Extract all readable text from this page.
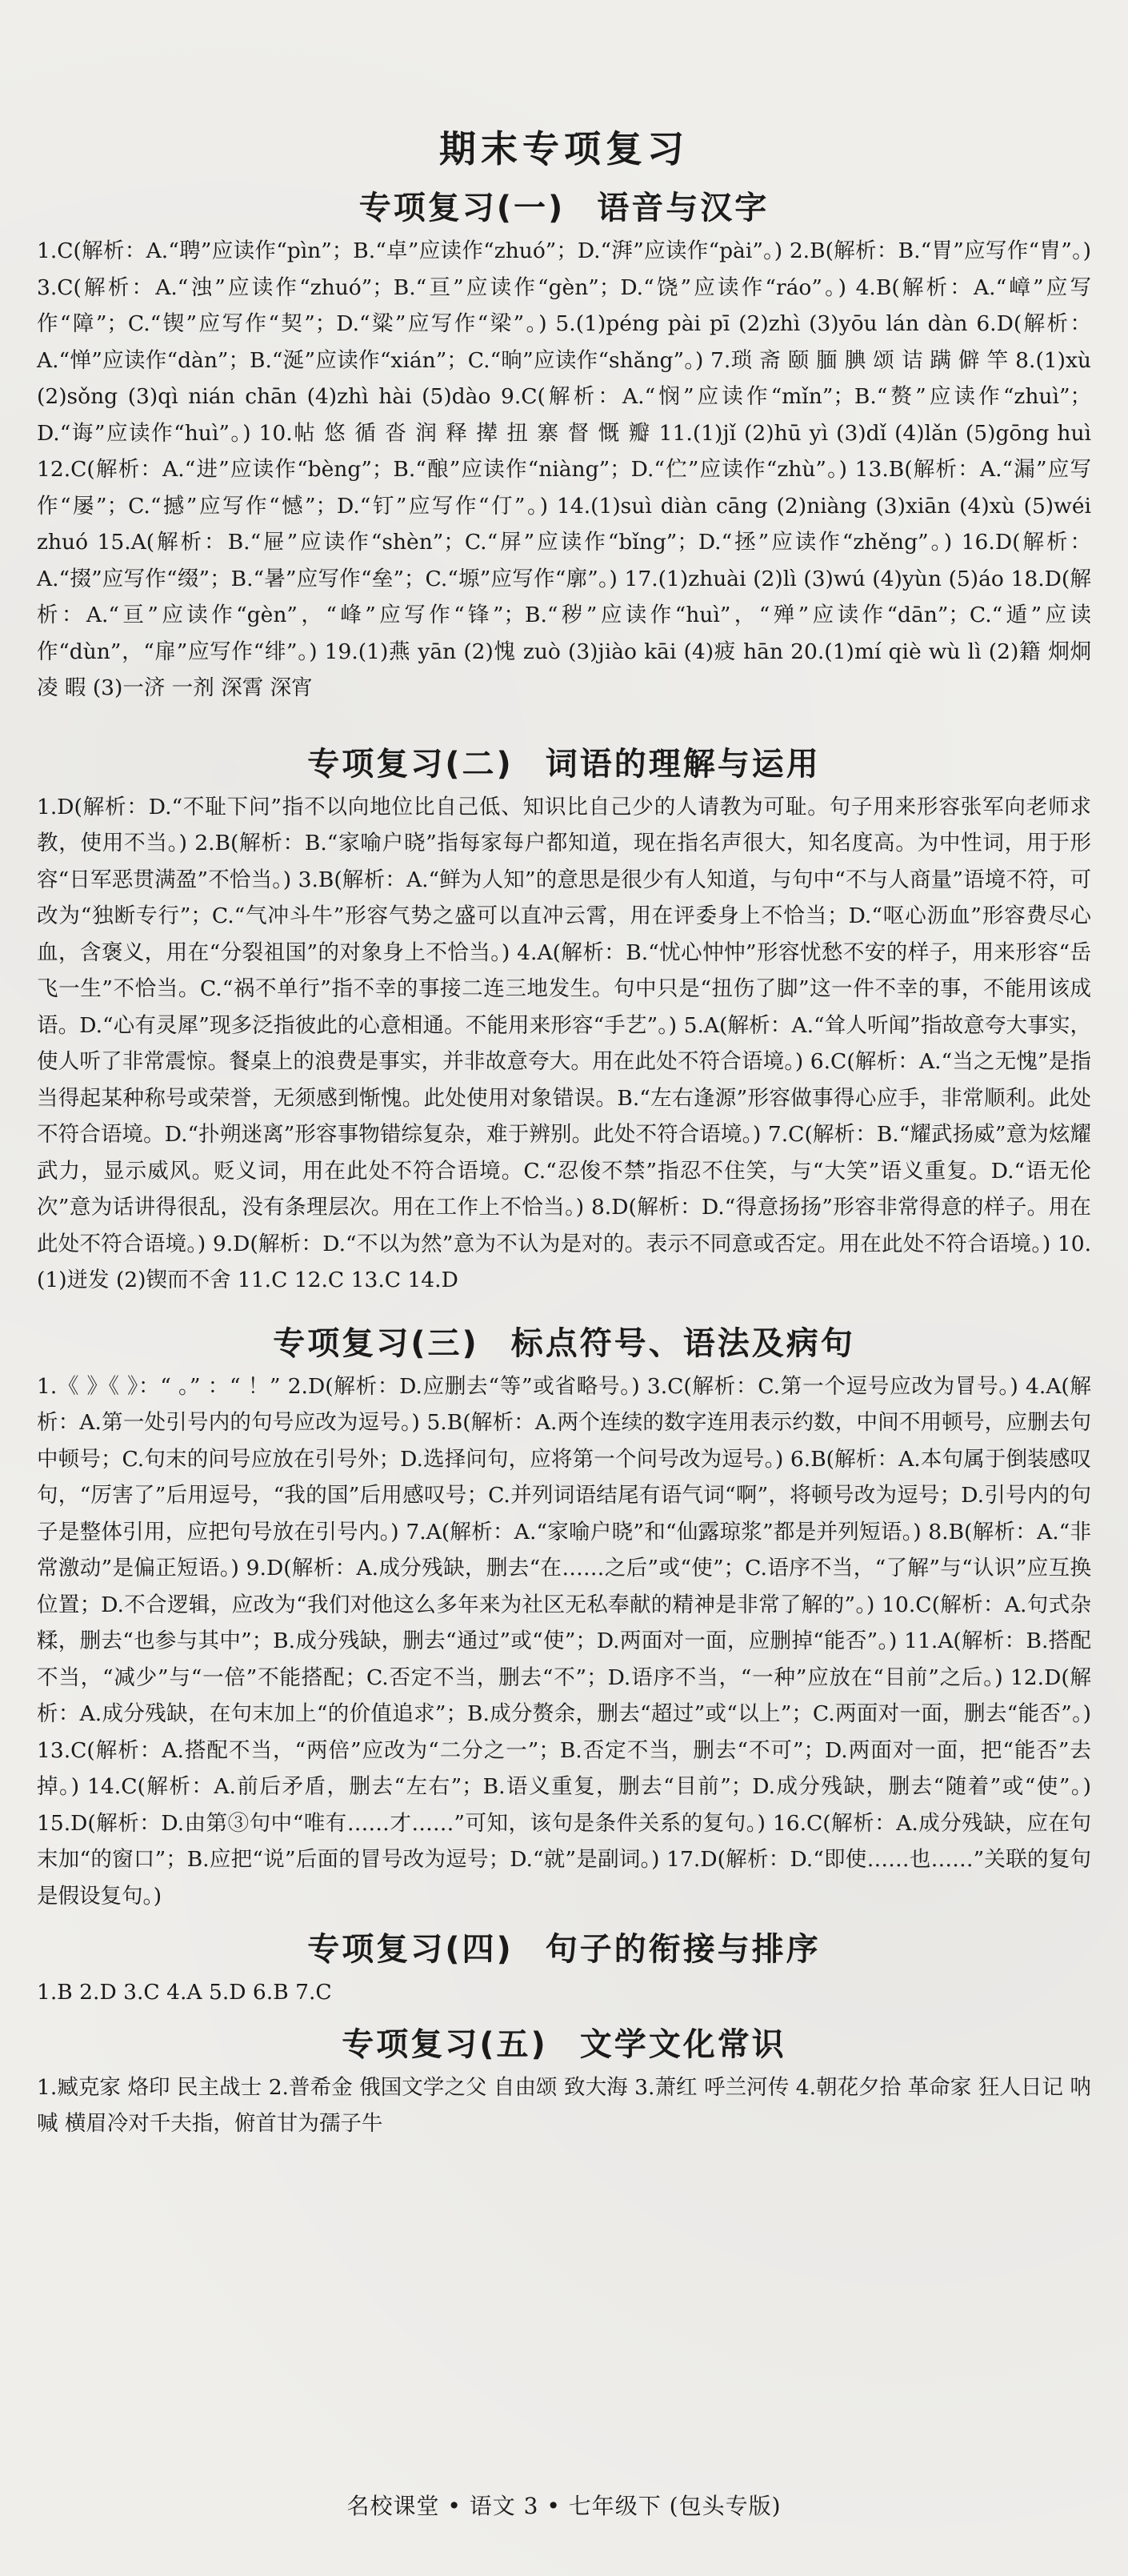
期末专项复习
专项复习(一) 语音与汉字

1.C(解析：A.“聘”应读作“pìn”；B.“卓”应读作“zhuó”；D.“湃”应读作“pài”。) 2.B(解析：B.“胃”应写作“胄”。) 3.C(解析：A.“浊”应读作“zhuó”；B.“亘”应读作“gèn”；D.“饶”应读作“ráo”。) 4.B(解析：A.“嶂”应写作“障”；C.“锲”应写作“契”；D.“粱”应写作“梁”。) 5.(1)péng pài pī (2)zhì (3)yōu lán dàn 6.D(解析：A.“惮”应读作“dàn”；B.“涎”应读作“xián”；C.“晌”应读作“shǎng”。) 7.琐 斋 颐 腼 腆 颂 诘 蹒 僻 竿 8.(1)xù (2)sǒng (3)qì nián chān (4)zhì hài (5)dào 9.C(解析：A.“悯”应读作“mǐn”；B.“赘”应读作“zhuì”；D.“诲”应读作“huì”。) 10.帖 悠 循 沓 润 释 撵 扭 寨 督 慨 瓣 11.(1)jǐ (2)hū yì (3)dǐ (4)lǎn (5)gōng huì 12.C(解析：A.“进”应读作“bèng”；B.“酿”应读作“niàng”；D.“伫”应读作“zhù”。) 13.B(解析：A.“漏”应写作“屡”；C.“撼”应写作“憾”；D.“钉”应写作“仃”。) 14.(1)suì diàn cāng (2)niàng (3)xiān (4)xù (5)wéi zhuó 15.A(解析：B.“屉”应读作“shèn”；C.“屏”应读作“bǐng”；D.“拯”应读作“zhěng”。) 16.D(解析：A.“掇”应写作“缀”；B.“暑”应写作“垒”；C.“塬”应写作“廓”。) 17.(1)zhuài (2)lì (3)wú (4)yùn (5)áo 18.D(解析：A.“亘”应读作“gèn”，“峰”应写作“锋”；B.“秽”应读作“huì”，“殚”应读作“dān”；C.“遁”应读作“dùn”，“扉”应写作“绯”。) 19.(1)燕 yān (2)愧 zuò (3)jiào kāi (4)疲 hān 20.(1)mí qiè wù lì (2)籍 炯炯 凌 暇 (3)一济 一剂 深霄 深宵

专项复习(二) 词语的理解与运用

1.D(解析：D.“不耻下问”指不以向地位比自己低、知识比自己少的人请教为可耻。句子用来形容张军向老师求教，使用不当。) 2.B(解析：B.“家喻户晓”指每家每户都知道，现在指名声很大，知名度高。为中性词，用于形容“日军恶贯满盈”不恰当。) 3.B(解析：A.“鲜为人知”的意思是很少有人知道，与句中“不与人商量”语境不符，可改为“独断专行”；C.“气冲斗牛”形容气势之盛可以直冲云霄，用在评委身上不恰当；D.“呕心沥血”形容费尽心血，含褒义，用在“分裂祖国”的对象身上不恰当。) 4.A(解析：B.“忧心忡忡”形容忧愁不安的样子，用来形容“岳飞一生”不恰当。C.“祸不单行”指不幸的事接二连三地发生。句中只是“扭伤了脚”这一件不幸的事，不能用该成语。D.“心有灵犀”现多泛指彼此的心意相通。不能用来形容“手艺”。) 5.A(解析：A.“耸人听闻”指故意夸大事实，使人听了非常震惊。餐桌上的浪费是事实，并非故意夸大。用在此处不符合语境。) 6.C(解析：A.“当之无愧”是指当得起某种称号或荣誉，无须感到惭愧。此处使用对象错误。B.“左右逢源”形容做事得心应手，非常顺利。此处不符合语境。D.“扑朔迷离”形容事物错综复杂，难于辨别。此处不符合语境。) 7.C(解析：B.“耀武扬威”意为炫耀武力，显示威风。贬义词，用在此处不符合语境。C.“忍俊不禁”指忍不住笑，与“大笑”语义重复。D.“语无伦次”意为话讲得很乱，没有条理层次。用在工作上不恰当。) 8.D(解析：D.“得意扬扬”形容非常得意的样子。用在此处不符合语境。) 9.D(解析：D.“不以为然”意为不认为是对的。表示不同意或否定。用在此处不符合语境。) 10.(1)迸发 (2)锲而不舍 11.C 12.C 13.C 14.D

专项复习(三) 标点符号、语法及病句

1.《 》《 》：“ 。” ：“ ！” 2.D(解析：D.应删去“等”或省略号。) 3.C(解析：C.第一个逗号应改为冒号。) 4.A(解析：A.第一处引号内的句号应改为逗号。) 5.B(解析：A.两个连续的数字连用表示约数，中间不用顿号，应删去句中顿号；C.句末的问号应放在引号外；D.选择问句，应将第一个问号改为逗号。) 6.B(解析：A.本句属于倒装感叹句，“厉害了”后用逗号，“我的国”后用感叹号；C.并列词语结尾有语气词“啊”，将顿号改为逗号；D.引号内的句子是整体引用，应把句号放在引号内。) 7.A(解析：A.“家喻户晓”和“仙露琼浆”都是并列短语。) 8.B(解析：A.“非常激动”是偏正短语。) 9.D(解析：A.成分残缺，删去“在……之后”或“使”；C.语序不当，“了解”与“认识”应互换位置；D.不合逻辑，应改为“我们对他这么多年来为社区无私奉献的精神是非常了解的”。) 10.C(解析：A.句式杂糅，删去“也参与其中”；B.成分残缺，删去“通过”或“使”；D.两面对一面，应删掉“能否”。) 11.A(解析：B.搭配不当，“减少”与“一倍”不能搭配；C.否定不当，删去“不”；D.语序不当，“一种”应放在“目前”之后。) 12.D(解析：A.成分残缺，在句末加上“的价值追求”；B.成分赘余，删去“超过”或“以上”；C.两面对一面，删去“能否”。) 13.C(解析：A.搭配不当，“两倍”应改为“二分之一”；B.否定不当，删去“不可”；D.两面对一面，把“能否”去掉。) 14.C(解析：A.前后矛盾，删去“左右”；B.语义重复，删去“目前”；D.成分残缺，删去“随着”或“使”。) 15.D(解析：D.由第③句中“唯有……才……”可知，该句是条件关系的复句。) 16.C(解析：A.成分残缺，应在句末加“的窗口”；B.应把“说”后面的冒号改为逗号；D.“就”是副词。) 17.D(解析：D.“即使……也……”关联的复句是假设复句。)

专项复习(四) 句子的衔接与排序

1.B 2.D 3.C 4.A 5.D 6.B 7.C

专项复习(五) 文学文化常识

1.臧克家 烙印 民主战士 2.普希金 俄国文学之父 自由颂 致大海 3.萧红 呼兰河传 4.朝花夕拾 革命家 狂人日记 呐喊 横眉冷对千夫指，俯首甘为孺子牛

名校课堂 • 语文 3 • 七年级下 (包头专版)
